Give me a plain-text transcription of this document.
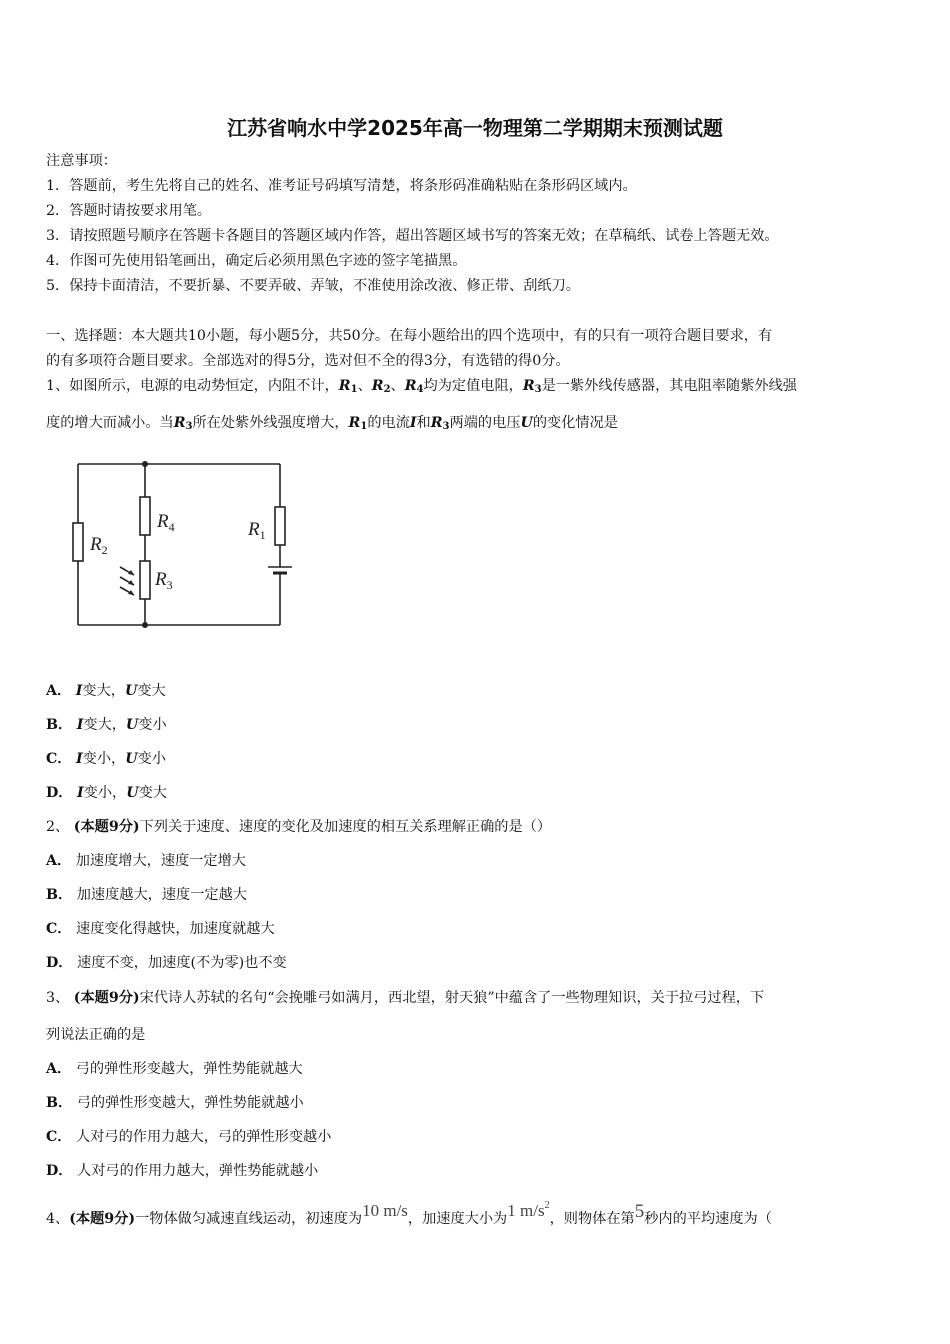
江苏省响水中学2025年高一物理第二学期期末预测试题
注意事项：
1．答题前，考生先将自己的姓名、准考证号码填写清楚，将条形码准确粘贴在条形码区域内。
2．答题时请按要求用笔。
3．请按照题号顺序在答题卡各题目的答题区域内作答，超出答题区域书写的答案无效；在草稿纸、试卷上答题无效。
4．作图可先使用铅笔画出，确定后必须用黑色字迹的签字笔描黑。
5．保持卡面清洁，不要折暴、不要弄破、弄皱，不准使用涂改液、修正带、刮纸刀。
一、选择题：本大题共10小题，每小题5分，共50分。在每小题给出的四个选项中，有的只有一项符合题目要求，有
的有多项符合题目要求。全部选对的得5分，选对但不全的得3分，有选错的得0分。
1、如图所示，电源的电动势恒定，内阻不计，$R_1$、$R_2$、$R_4$均为定值电阻，$R_3$是一紫外线传感器，其电阻率随紫外线强
度的增大而减小。当$R_3$所在处紫外线强度增大，$R_1$的电流I和$R_3$两端的电压U的变化情况是
$R_2$
$R_4$
$R_3$
$R_1$
A． I变大，U变大
B． I变大，U变小
C． I变小，U变小
D． I变小，U变大
2、 (本题9分)下列关于速度、速度的变化及加速度的相互关系理解正确的是（）
A． 加速度增大，速度一定增大
B． 加速度越大，速度一定越大
C． 速度变化得越快，加速度就越大
D． 速度不变，加速度(不为零)也不变
3、 (本题9分)宋代诗人苏轼的名句“会挽雕弓如满月，西北望，射天狼”中蕴含了一些物理知识，关于拉弓过程，下
列说法正确的是
A． 弓的弹性形变越大，弹性势能就越大
B． 弓的弹性形变越大，弹性势能就越小
C． 人对弓的作用力越大，弓的弹性形变越小
D． 人对弓的作用力越大，弹性势能就越小
4、(本题9分)一物体做匀减速直线运动，初速度为10 m/s，加速度大小为1 $m/s^2$，则物体在第5秒内的平均速度为（
